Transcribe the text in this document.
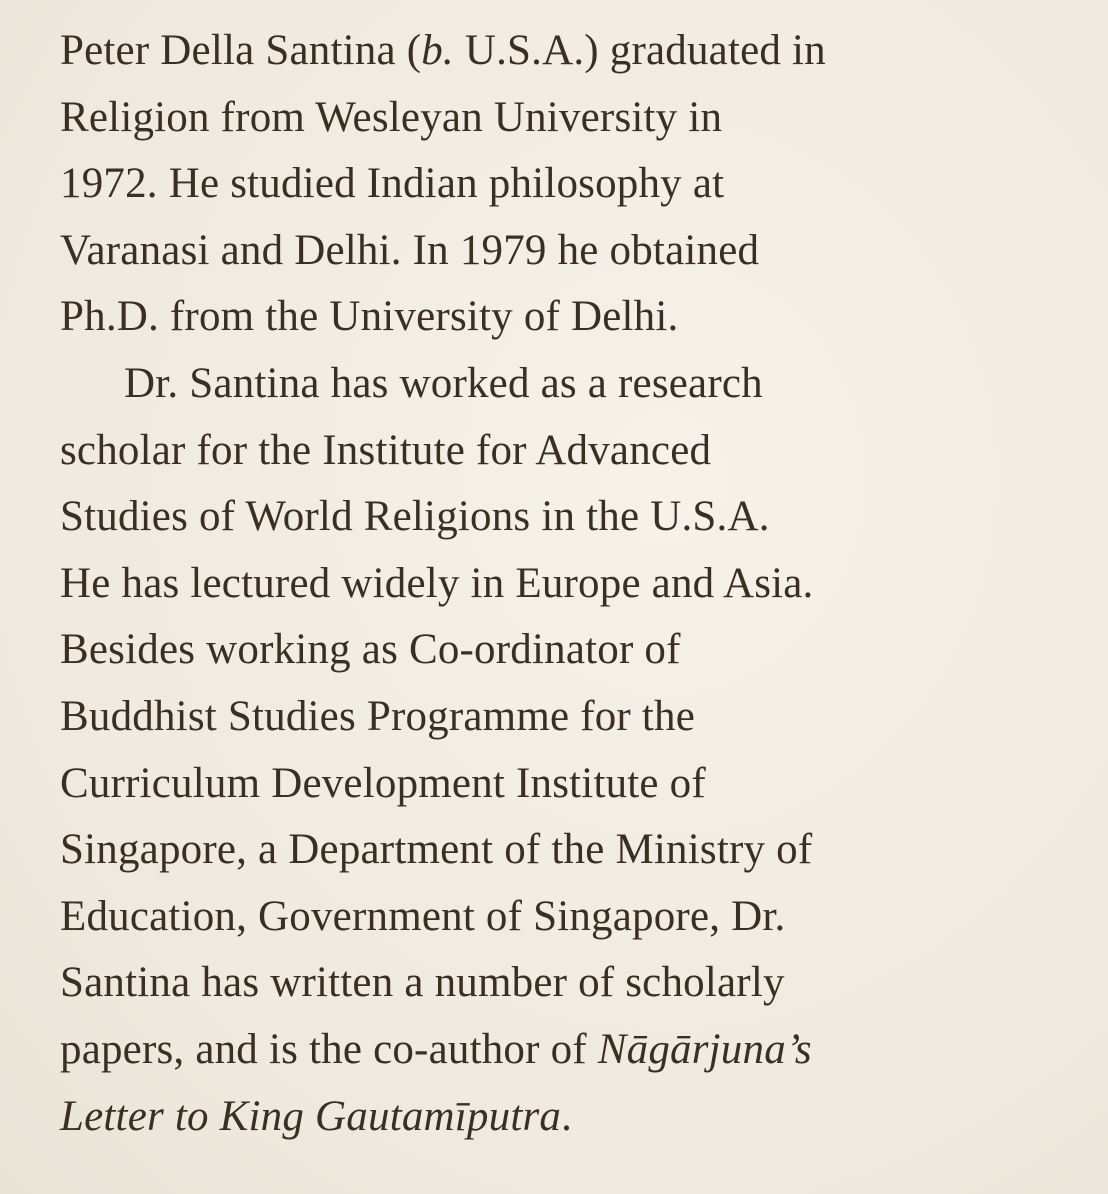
Peter Della Santina (b. U.S.A.) graduated in
Religion from Wesleyan University in
1972. He studied Indian philosophy at
Varanasi and Delhi. In 1979 he obtained
Ph.D. from the University of Delhi.
Dr. Santina has worked as a research
scholar for the Institute for Advanced
Studies of World Religions in the U.S.A.
He has lectured widely in Europe and Asia.
Besides working as Co-ordinator of
Buddhist Studies Programme for the
Curriculum Development Institute of
Singapore, a Department of the Ministry of
Education, Government of Singapore, Dr.
Santina has written a number of scholarly
papers, and is the co-author of Nāgārjuna’s
Letter to King Gautamīputra.
